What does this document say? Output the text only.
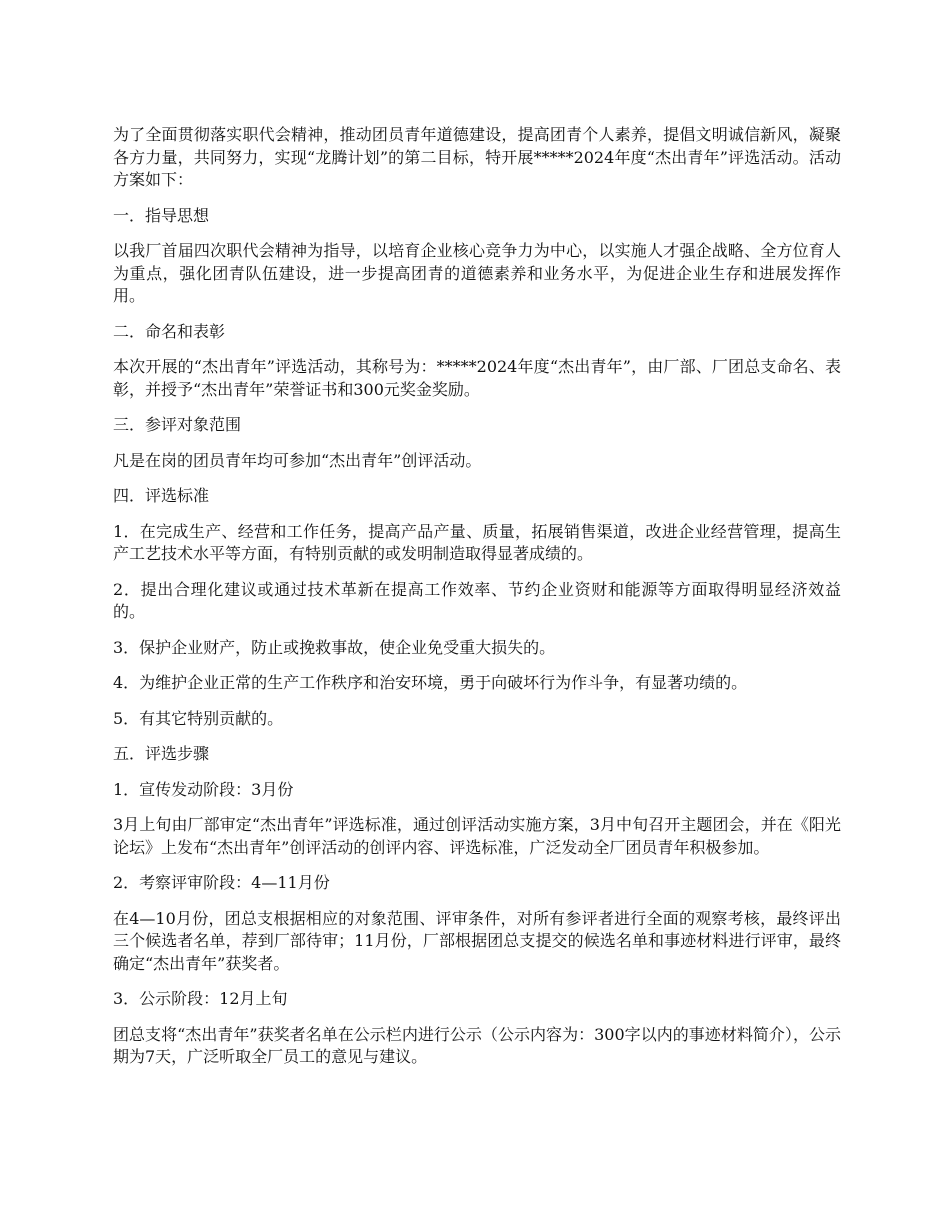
为了全面贯彻落实职代会精神，推动团员青年道德建设，提高团青个人素养，提倡文明诚信新风，凝聚各方力量，共同努力，实现“龙腾计划”的第二目标，特开展*****2024年度“杰出青年”评选活动。活动方案如下：

一．指导思想

以我厂首届四次职代会精神为指导，以培育企业核心竞争力为中心，以实施人才强企战略、全方位育人为重点，强化团青队伍建设，进一步提高团青的道德素养和业务水平，为促进企业生存和进展发挥作用。

二．命名和表彰

本次开展的“杰出青年”评选活动，其称号为：*****2024年度“杰出青年”，由厂部、厂团总支命名、表彰，并授予“杰出青年”荣誉证书和300元奖金奖励。

三．参评对象范围

凡是在岗的团员青年均可参加“杰出青年”创评活动。

四．评选标准

1．在完成生产、经营和工作任务，提高产品产量、质量，拓展销售渠道，改进企业经营管理，提高生产工艺技术水平等方面，有特别贡献的或发明制造取得显著成绩的。

2．提出合理化建议或通过技术革新在提高工作效率、节约企业资财和能源等方面取得明显经济效益的。

3．保护企业财产，防止或挽救事故，使企业免受重大损失的。

4．为维护企业正常的生产工作秩序和治安环境，勇于向破坏行为作斗争，有显著功绩的。

5．有其它特别贡献的。

五．评选步骤

1．宣传发动阶段：3月份

3月上旬由厂部审定“杰出青年”评选标准，通过创评活动实施方案，3月中旬召开主题团会，并在《阳光论坛》上发布“杰出青年”创评活动的创评内容、评选标准，广泛发动全厂团员青年积极参加。

2．考察评审阶段：4—11月份

在4—10月份，团总支根据相应的对象范围、评审条件，对所有参评者进行全面的观察考核，最终评出三个候选者名单，荐到厂部待审；11月份，厂部根据团总支提交的候选名单和事迹材料进行评审，最终确定“杰出青年”获奖者。

3．公示阶段：12月上旬

团总支将“杰出青年”获奖者名单在公示栏内进行公示（公示内容为：300字以内的事迹材料简介），公示期为7天，广泛听取全厂员工的意见与建议。
